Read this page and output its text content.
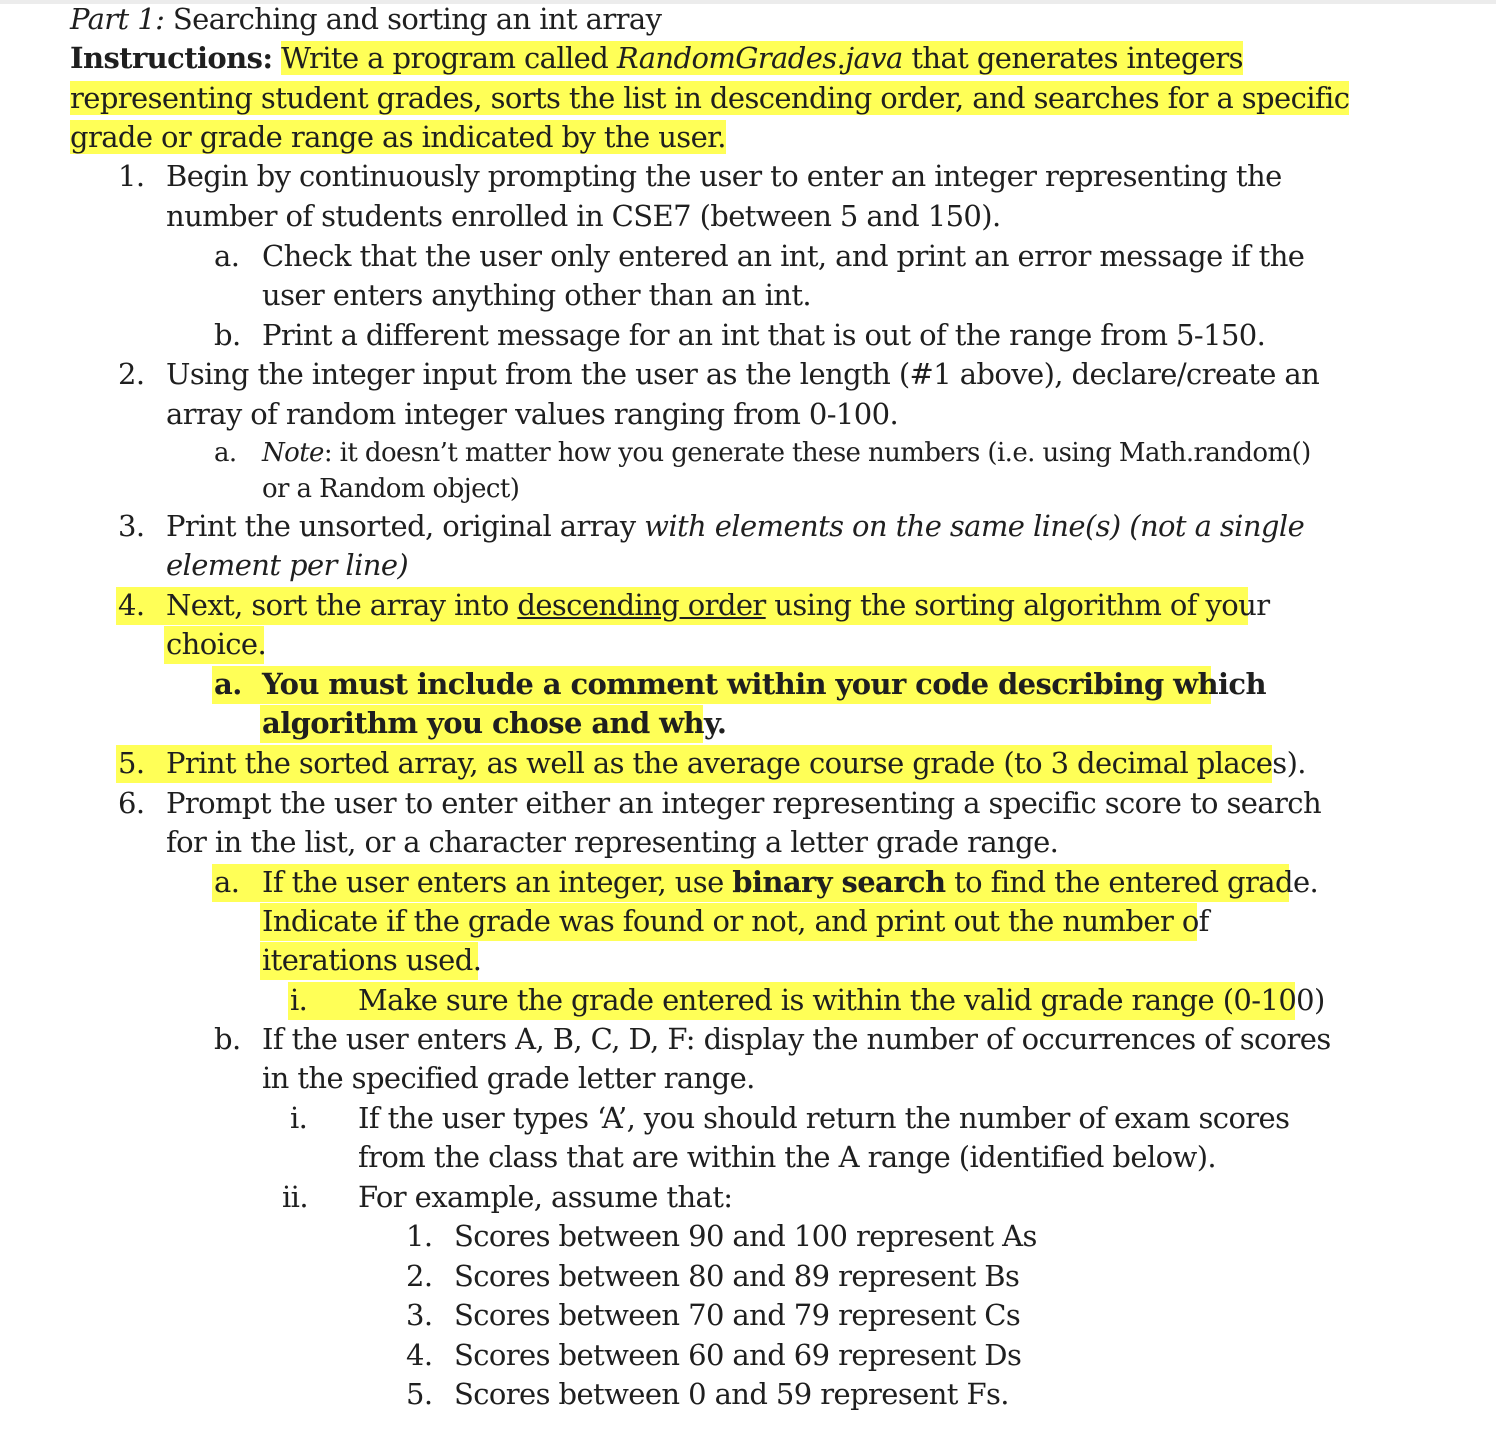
Part 1: Searching and sorting an int array
Instructions: Write a program called RandomGrades.java that generates integers
representing student grades, sorts the list in descending order, and searches for a specific
grade or grade range as indicated by the user.
1. Begin by continuously prompting the user to enter an integer representing the
number of students enrolled in CSE7 (between 5 and 150).
a. Check that the user only entered an int, and print an error message if the
user enters anything other than an int.
b. Print a different message for an int that is out of the range from 5-150.
2. Using the integer input from the user as the length (#1 above), declare/create an
array of random integer values ranging from 0-100.
a. Note: it doesn’t matter how you generate these numbers (i.e. using Math.random()
or a Random object)
3. Print the unsorted, original array with elements on the same line(s) (not a single
element per line)
4. Next, sort the array into descending order using the sorting algorithm of your
choice.
a. You must include a comment within your code describing which
algorithm you chose and why.
5. Print the sorted array, as well as the average course grade (to 3 decimal places).
6. Prompt the user to enter either an integer representing a specific score to search
for in the list, or a character representing a letter grade range.
a. If the user enters an integer, use binary search to find the entered grade.
Indicate if the grade was found or not, and print out the number of
iterations used.
i. Make sure the grade entered is within the valid grade range (0-100)
b. If the user enters A, B, C, D, F: display the number of occurrences of scores
in the specified grade letter range.
i. If the user types ‘A’, you should return the number of exam scores
from the class that are within the A range (identified below).
ii. For example, assume that:
1. Scores between 90 and 100 represent As
2. Scores between 80 and 89 represent Bs
3. Scores between 70 and 79 represent Cs
4. Scores between 60 and 69 represent Ds
5. Scores between 0 and 59 represent Fs.
